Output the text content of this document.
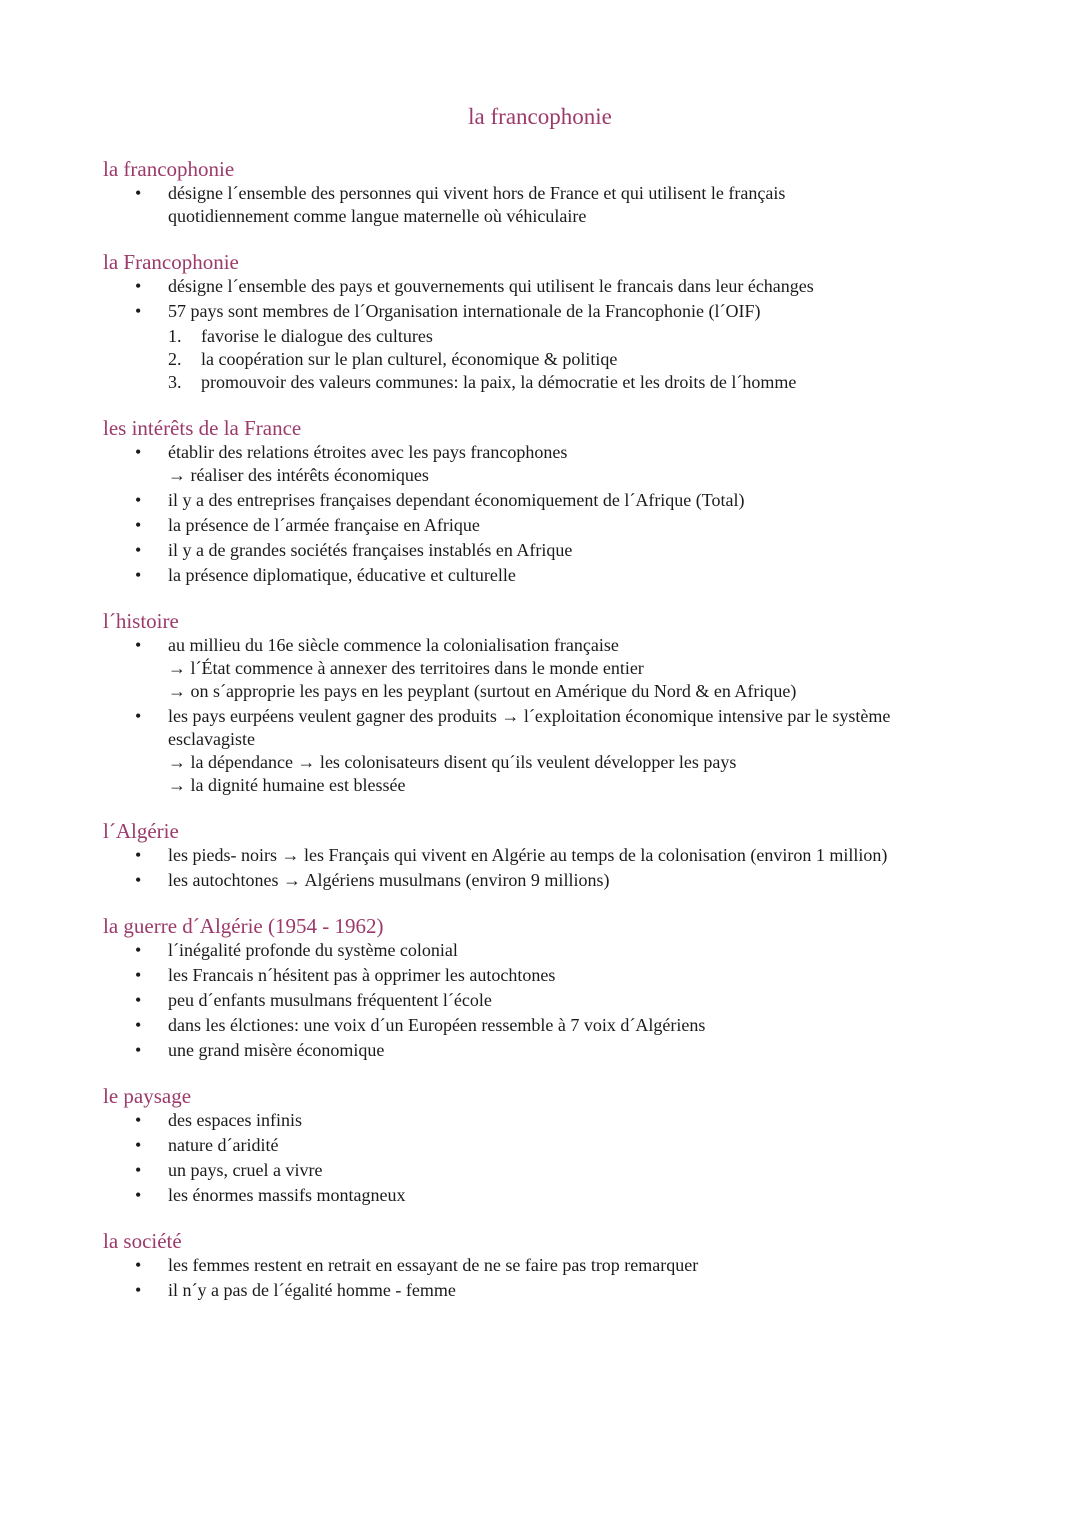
la francophonie
la francophonie
• désigne l´ensemble des personnes qui vivent hors de France et qui utilisent le français
quotidiennement comme langue maternelle où véhiculaire
la Francophonie
• désigne l´ensemble des pays et gouvernements qui utilisent le francais dans leur échanges
• 57 pays sont membres de l´Organisation internationale de la Francophonie (l´OIF)
1. favorise le dialogue des cultures
2. la coopération sur le plan culturel, économique & politiqe
3. promouvoir des valeurs communes: la paix, la démocratie et les droits de l´homme
les intérêts de la France
• établir des relations étroites avec les pays francophones
→ réaliser des intérêts économiques
• il y a des entreprises françaises dependant économiquement de l´Afrique (Total)
• la présence de l´armée française en Afrique
• il y a de grandes sociétés françaises instablés en Afrique
• la présence diplomatique, éducative et culturelle
l´histoire
• au millieu du 16e siècle commence la colonialisation française
→ l´État commence à annexer des territoires dans le monde entier
→ on s´approprie les pays en les peyplant (surtout en Amérique du Nord & en Afrique)
• les pays eurpéens veulent gagner des produits → l´exploitation économique intensive par le système
esclavagiste
→ la dépendance → les colonisateurs disent qu´ils veulent développer les pays
→ la dignité humaine est blessée
l´Algérie
• les pieds- noirs → les Français qui vivent en Algérie au temps de la colonisation (environ 1 million)
• les autochtones → Algériens musulmans (environ 9 millions)
la guerre d´Algérie (1954 - 1962)
• l´inégalité profonde du système colonial
• les Francais n´hésitent pas à opprimer les autochtones
• peu d´enfants musulmans fréquentent l´école
• dans les élctiones: une voix d´un Européen ressemble à 7 voix d´Algériens
• une grand misère économique
le paysage
• des espaces infinis
• nature d´aridité
• un pays, cruel a vivre
• les énormes massifs montagneux
la société
• les femmes restent en retrait en essayant de ne se faire pas trop remarquer
• il n´y a pas de l´égalité homme - femme
